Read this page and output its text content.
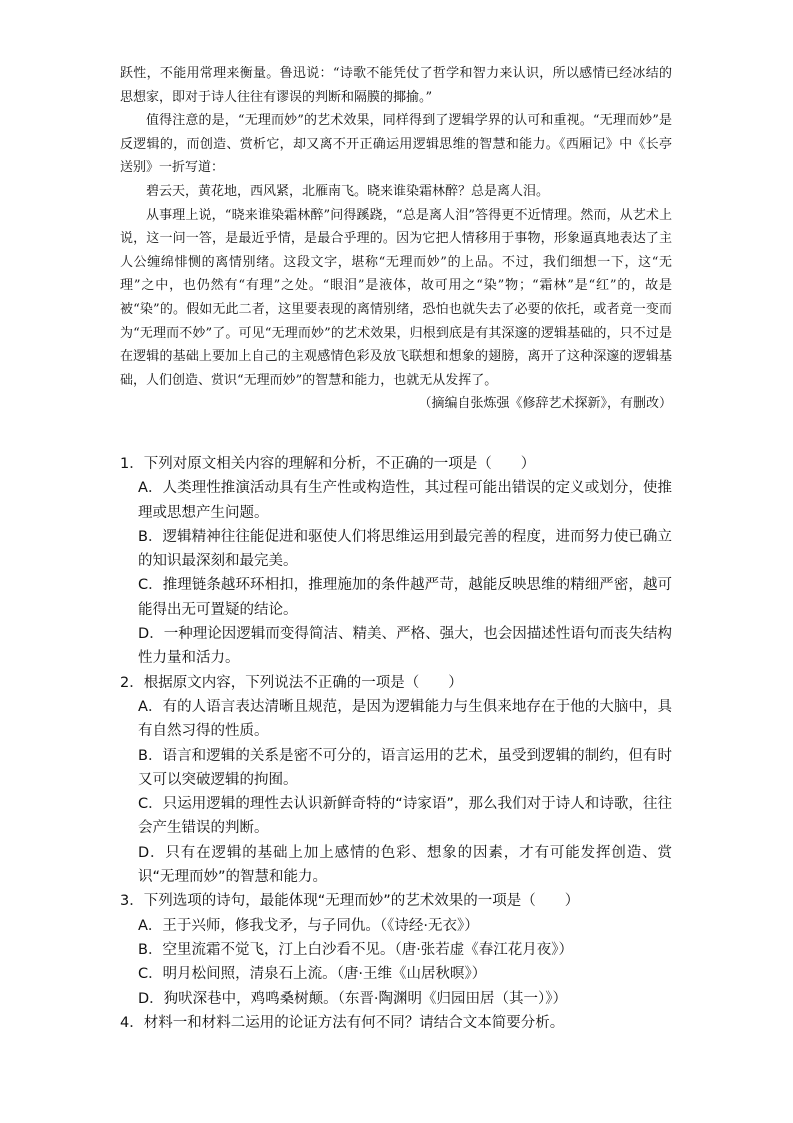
跃性，不能用常理来衡量。鲁迅说：“诗歌不能凭仗了哲学和智力来认识，所以感情已经冰结的思想家，即对于诗人往往有谬误的判断和隔膜的揶揄。”

值得注意的是，“无理而妙”的艺术效果，同样得到了逻辑学界的认可和重视。“无理而妙”是反逻辑的，而创造、赏析它，却又离不开正确运用逻辑思维的智慧和能力。《西厢记》中《长亭送别》一折写道：

碧云天，黄花地，西风紧，北雁南飞。晓来谁染霜林醉？总是离人泪。

从事理上说，“晓来谁染霜林醉”问得蹊跷，“总是离人泪”答得更不近情理。然而，从艺术上说，这一问一答，是最近乎情，是最合乎理的。因为它把人情移用于事物，形象逼真地表达了主人公缠绵悱恻的离情别绪。这段文字，堪称“无理而妙”的上品。不过，我们细想一下，这“无理”之中，也仍然有“有理”之处。“眼泪”是液体，故可用之“染”物；“霜林”是“红”的，故是被“染”的。假如无此二者，这里要表现的离情别绪，恐怕也就失去了必要的依托，或者竟一变而为“无理而不妙”了。可见“无理而妙”的艺术效果，归根到底是有其深邃的逻辑基础的，只不过是在逻辑的基础上要加上自己的主观感情色彩及放飞联想和想象的翅膀，离开了这种深邃的逻辑基础，人们创造、赏识“无理而妙”的智慧和能力，也就无从发挥了。

（摘编自张炼强《修辞艺术探新》，有删改）

1．下列对原文相关内容的理解和分析，不正确的一项是（　　）
A．人类理性推演活动具有生产性或构造性，其过程可能出错误的定义或划分，使推理或思想产生问题。
B．逻辑精神往往能促进和驱使人们将思维运用到最完善的程度，进而努力使已确立的知识最深刻和最完美。
C．推理链条越环环相扣，推理施加的条件越严苛，越能反映思维的精细严密，越可能得出无可置疑的结论。
D．一种理论因逻辑而变得简洁、精美、严格、强大，也会因描述性语句而丧失结构性力量和活力。
2．根据原文内容，下列说法不正确的一项是（　　）
A．有的人语言表达清晰且规范，是因为逻辑能力与生俱来地存在于他的大脑中，具有自然习得的性质。
B．语言和逻辑的关系是密不可分的，语言运用的艺术，虽受到逻辑的制约，但有时又可以突破逻辑的拘囿。
C．只运用逻辑的理性去认识新鲜奇特的“诗家语”，那么我们对于诗人和诗歌，往往会产生错误的判断。
D．只有在逻辑的基础上加上感情的色彩、想象的因素，才有可能发挥创造、赏识“无理而妙”的智慧和能力。
3．下列选项的诗句，最能体现“无理而妙”的艺术效果的一项是（　　）
A．王于兴师，修我戈矛，与子同仇。（《诗经·无衣》）
B．空里流霜不觉飞，汀上白沙看不见。（唐·张若虚《春江花月夜》）
C．明月松间照，清泉石上流。（唐·王维《山居秋暝》）
D．狗吠深巷中，鸡鸣桑树颠。（东晋·陶渊明《归园田居（其一）》）
4．材料一和材料二运用的论证方法有何不同？请结合文本简要分析。
